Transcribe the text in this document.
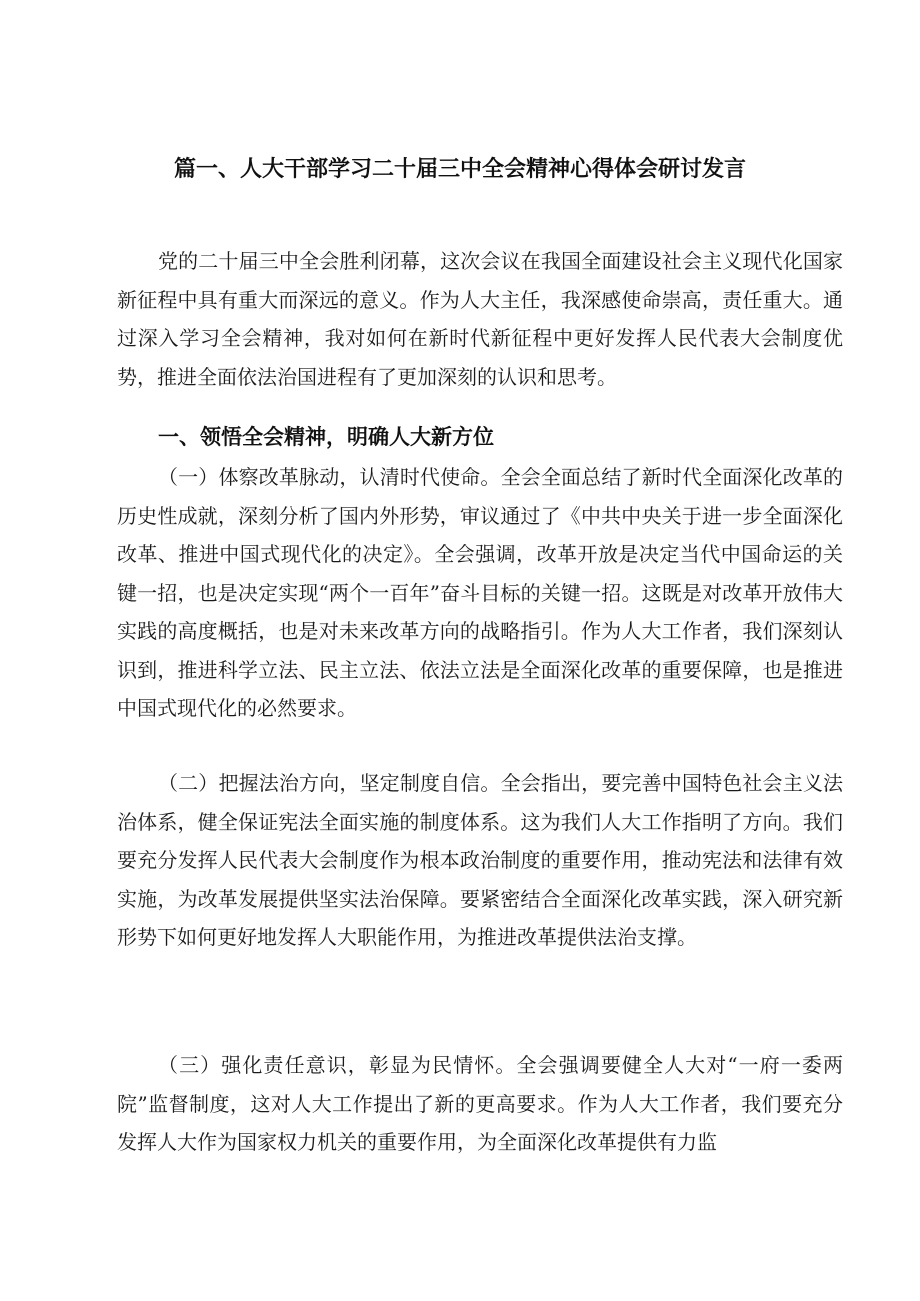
篇一、人大干部学习二十届三中全会精神心得体会研讨发言

党的二十届三中全会胜利闭幕，这次会议在我国全面建设社会主义现代化国家新征程中具有重大而深远的意义。作为人大主任，我深感使命崇高，责任重大。通过深入学习全会精神，我对如何在新时代新征程中更好发挥人民代表大会制度优势，推进全面依法治国进程有了更加深刻的认识和思考。

一、领悟全会精神，明确人大新方位

（一）体察改革脉动，认清时代使命。全会全面总结了新时代全面深化改革的历史性成就，深刻分析了国内外形势，审议通过了《中共中央关于进一步全面深化改革、推进中国式现代化的决定》。全会强调，改革开放是决定当代中国命运的关键一招，也是决定实现“两个一百年”奋斗目标的关键一招。这既是对改革开放伟大实践的高度概括，也是对未来改革方向的战略指引。作为人大工作者，我们深刻认识到，推进科学立法、民主立法、依法立法是全面深化改革的重要保障，也是推进中国式现代化的必然要求。

（二）把握法治方向，坚定制度自信。全会指出，要完善中国特色社会主义法治体系，健全保证宪法全面实施的制度体系。这为我们人大工作指明了方向。我们要充分发挥人民代表大会制度作为根本政治制度的重要作用，推动宪法和法律有效实施，为改革发展提供坚实法治保障。要紧密结合全面深化改革实践，深入研究新形势下如何更好地发挥人大职能作用，为推进改革提供法治支撑。

（三）强化责任意识，彰显为民情怀。全会强调要健全人大对“一府一委两院”监督制度，这对人大工作提出了新的更高要求。作为人大工作者，我们要充分发挥人大作为国家权力机关的重要作用，为全面深化改革提供有力监
